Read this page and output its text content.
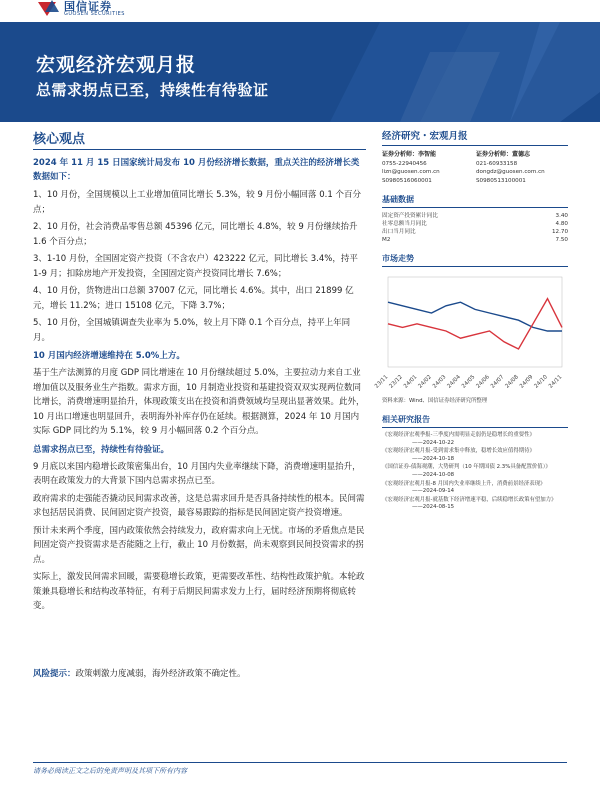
国信证券
GUOSEN SECURITIES
宏观经济宏观月报
总需求拐点已至，持续性有待验证
核心观点
2024 年 11 月 15 日国家统计局发布 10 月份经济增长数据，重点关注的经济增长类数据如下：
1、10 月份，全国规模以上工业增加值同比增长 5.3%，较 9 月份小幅回落 0.1 个百分点；
2、10 月份，社会消费品零售总额 45396 亿元，同比增长 4.8%，较 9 月份继续抬升 1.6 个百分点；
3、1-10 月份，全国固定资产投资（不含农户）423222 亿元，同比增长 3.4%，持平 1-9 月；扣除房地产开发投资，全国固定资产投资同比增长 7.6%；
4、10 月份，货物进出口总额 37007 亿元，同比增长 4.6%。其中，出口 21899 亿元，增长 11.2%；进口 15108 亿元，下降 3.7%；
5、10 月份，全国城镇调查失业率为 5.0%，较上月下降 0.1 个百分点，持平上年同月。
10 月国内经济增速维持在 5.0%上方。
基于生产法测算的月度 GDP 同比增速在 10 月份继续超过 5.0%，主要拉动力来自工业增加值以及服务业生产指数。需求方面，10 月制造业投资和基建投资双双实现两位数同比增长，消费增速明显抬升，体现政策支出在投资和消费领域均呈现出显著效果。此外，10 月出口增速也明显回升，表明海外补库存仍在延续。根据测算，2024 年 10 月国内实际 GDP 同比约为 5.1%，较 9 月小幅回落 0.2 个百分点。
总需求拐点已至，持续性有待验证。
9 月底以来国内稳增长政策密集出台，10 月国内失业率继续下降，消费增速明显抬升，表明在政策发力的大背景下国内总需求拐点已至。
政府需求的走强能否撬动民间需求改善，这是总需求回升是否具备持续性的根本。民间需求包括居民消费、民间固定资产投资，最容易跟踪的指标是民间固定资产投资增速。
预计未来两个季度，国内政策依然会持续发力，政府需求向上无忧。市场的矛盾焦点是民间固定资产投资需求是否能随之上行，截止 10 月份数据，尚未观察到民间投资需求的拐点。
实际上，激发民间需求回暖，需要稳增长政策，更需要改革性、结构性政策护航。本轮政策兼具稳增长和结构改革特征，有利于后期民间需求发力上行，届时经济预期将彻底转变。
风险提示：政策刺激力度减弱，海外经济政策不确定性。
请务必阅读正文之后的免责声明及其项下所有内容
经济研究・宏观月报
证券分析师：李智能
0755-22940456
lizn@guosen.com.cn
S0980516060001
证券分析师：董德志
021-60933158
dongdz@guosen.com.cn
S0980513100001
基础数据
固定资产投资累计同比	3.40
社零总额当月同比	4.80
出口当月同比	12.70
M2	7.50
市场走势
23/11 23/12 24/01 24/02 24/03 24/04 24/05 24/06 24/07 24/08 24/09 24/10 24/11
资料来源：Wind、国信证券经济研究所整理
相关研究报告
《宏观经济宏观季报-三季度内需明显走弱仍是稳增长的重要性》
——2024-10-22
《宏观经济宏观月报-受到需求集中释放，稳增长效应值得期待》
——2024-10-18
《国信证券-债海观潮，大势研判（10 年期国债 2.3%具备配置价值）》
——2024-10-08
《宏观经济宏观月报-8 月国内失业率继续上升，消费前景经济表现》
——2024-09-14
《宏观经济宏观月报-就基数下经济增速平稳，后续稳增长政策有望加力》
——2024-08-15
